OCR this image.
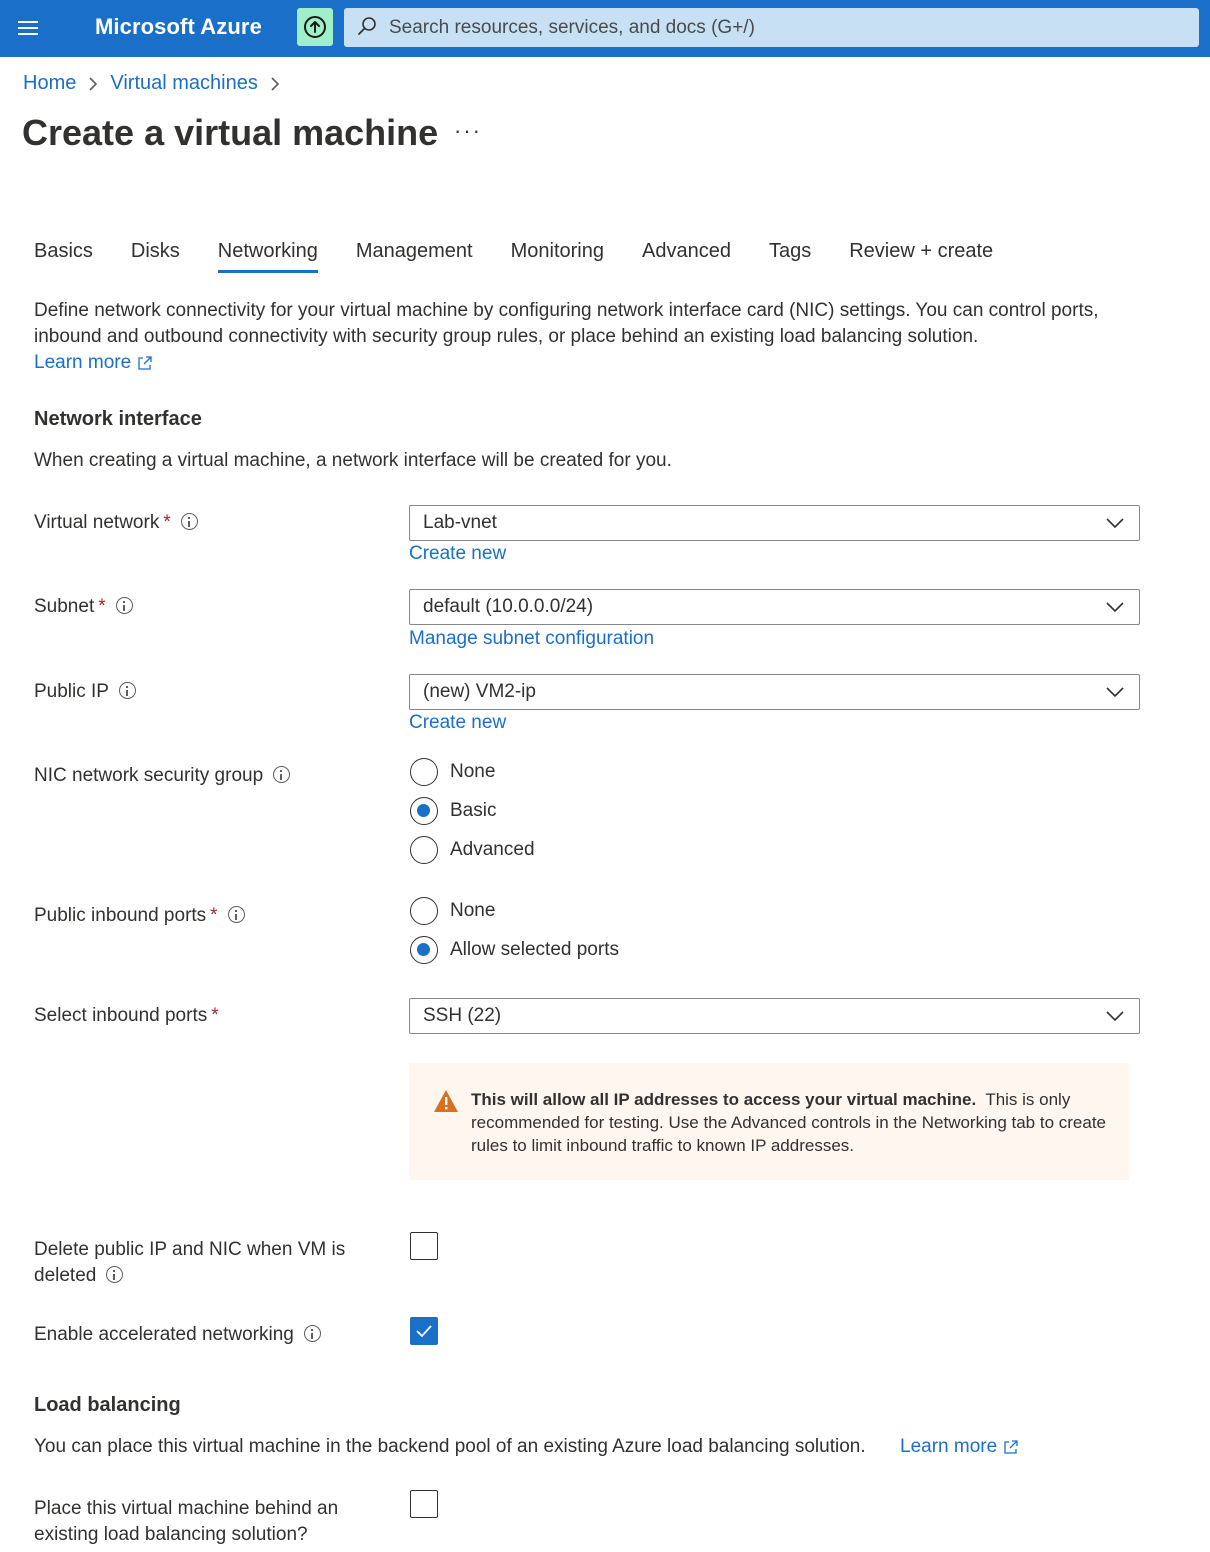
Microsoft Azure
Search resources, services, and docs (G+/)
Home Virtual machines
Create a virtual machine ···
Basics Disks Networking Management Monitoring Advanced Tags Review + create

Define network connectivity for your virtual machine by configuring network interface card (NIC) settings. You can control ports, inbound and outbound connectivity with security group rules, or place behind an existing load balancing solution.

Learn more
Network interface

When creating a virtual machine, a network interface will be created for you.

Virtual network *	Lab-vnet
Create new
Subnet *	default (10.0.0.0/24)
Manage subnet configuration
Public IP	(new) VM2-ip
Create new
NIC network security group	None
Basic
Advanced
Public inbound ports *	None
Allow selected ports
Select inbound ports *	SSH (22)

This will allow all IP addresses to access your virtual machine. This is only recommended for testing. Use the Advanced controls in the Networking tab to create rules to limit inbound traffic to known IP addresses.

Delete public IP and NIC when VM is deleted
Enable accelerated networking
Load balancing

You can place this virtual machine in the backend pool of an existing Azure load balancing solution. Learn more
Place this virtual machine behind an existing load balancing solution?
